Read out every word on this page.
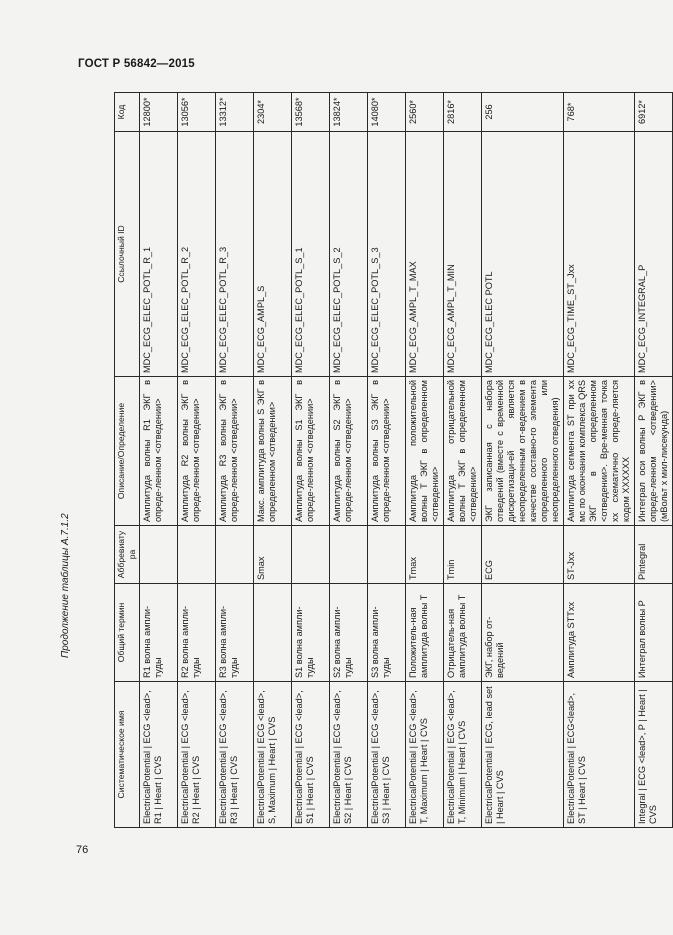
ГОСТ Р 56842—2015
Продолжение таблицы А.7.1.2
76
Систематическое имя	Общий термин	Аббревиатура	Описание/Определение	Ссылочный ID	Код
ElectricalPotential | ECG <lead>, R1 | Heart | CVS	R1 волна ампли-туды		Амплитуда волны R1 ЭКГ в опреде-ленном <отведении>	MDC_ECG_ELEC_POTL_R_1	12800*
ElectricalPotential | ECG <lead>, R2 | Heart | CVS	R2 волна ампли-туды		Амплитуда R2 волны ЭКГ в опреде-ленном <отведении>	MDC_ECG_ELEC_POTL_R_2	13056*
ElectricalPotential | ECG <lead>, R3 | Heart | CVS	R3 волна ампли-туды		Амплитуда R3 волны ЭКГ в опреде-ленном <отведении>	MDC_ECG_ELEC_POTL_R_3	13312*
ElectricalPotential | ECG <lead>, S, Maximum | Heart | CVS		Smax	Макс. амплитуда волны S ЭКГ в определенном <отведении>	MDC_ECG_AMPL_S	2304*
ElectricalPotential | ECG <lead>, S1 | Heart | CVS	S1 волна ампли-туды		Амплитуда волны S1 ЭКГ в опреде-ленном <отведении>	MDC_ECG_ELEC_POTL_S_1	13568*
ElectricalPotential | ECG <lead>, S2 | Heart | CVS	S2 волна ампли-туды		Амплитуда волны S2 ЭКГ в опреде-ленном <отведении>	MDC_ECG_ELEC_POTL_S_2	13824*
ElectricalPotential | ECG <lead>, S3 | Heart | CVS	S3 волна ампли-туды		Амплитуда волны S3 ЭКГ в опреде-ленном <отведении>	MDC_ECG_ELEC_POTL_S_3	14080*
ElectricalPotential | ECG <lead>, T, Maximum | Heart | CVS	Положитель-ная амплитуда волны Т	Tmax	Амплитуда положительной волны Т ЭКГ в определенном <отведении>	MDC_ECG_AMPL_T_MAX	2560*
ElectricalPotential | ECG <lead>, T, Minimum | Heart | CVS	Отрицатель-ная амплитуда волны Т	Tmin	Амплитуда отрицательной волны Т ЭКГ в определенном <отведении>	MDC_ECG_AMPL_T_MIN	2816*
ElectricalPotential | ECG, lead set | Heart | CVS	ЭКГ, набор от-ведений	ECG	ЭКГ записанная с набора отведений (вместе с временной дискретизаци-ей является неопределенным от-ведением в качестве составно-го элемента определенного или неопределенного отведения)	MDC_ECG_ELEC POTL	256
ElectricalPotential | ECG<lead>, ST | Heart | CVS	Амплитуда STTxx	ST-Jxx	Амплитуда сегмента ST при xx мс по окончании комплекса QRS ЭКГ в определенном <отведении>. Вре-менная точка xx схематично опреде-ляется кодом XXXXXX	MDC_ECG_TIME_ST_Jxx	768*
Integral | ECG <lead>, P | Heart | CVS	Интеграл волны P	Pintegral	Интеграл оси волны P ЭКГ в опреде-ленном <отведении> (мВольт x мил-лисекунда)	MDC_ECG_INTEGRAL_P	6912*
